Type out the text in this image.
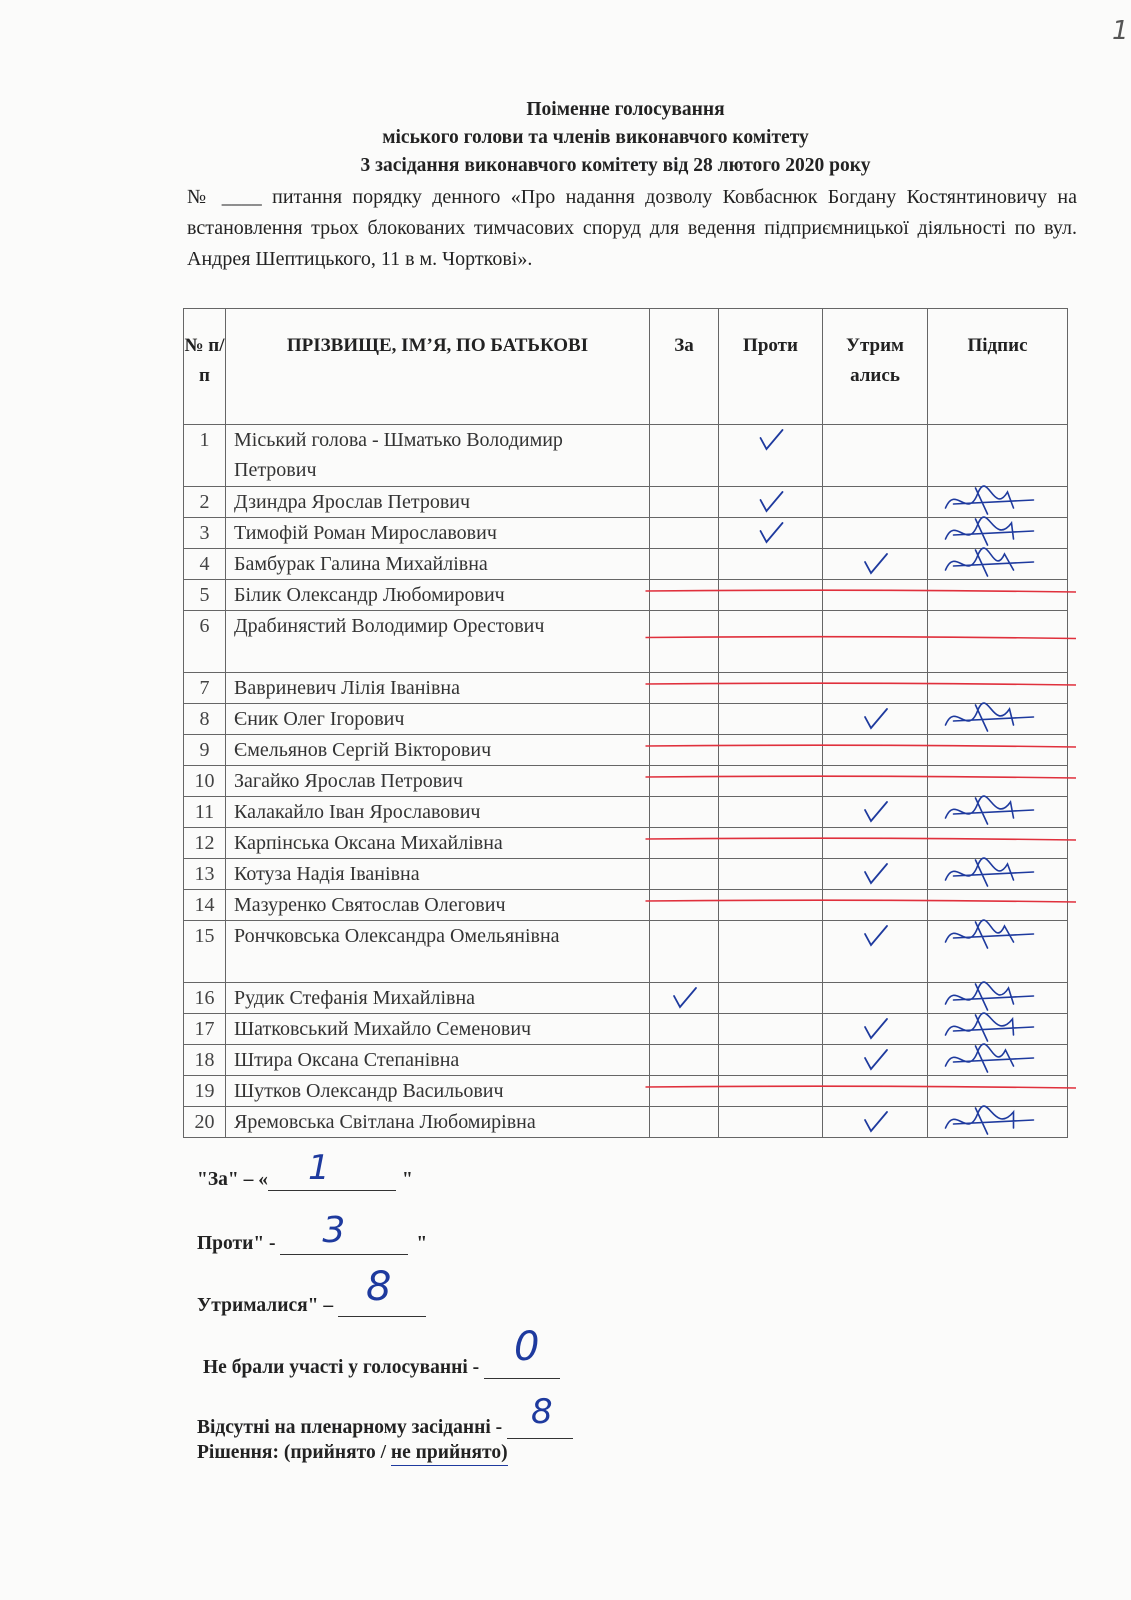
1
Поіменне голосування
міського голови та членів виконавчого комітету
3 засідання виконавчого комітету від 28 лютого 2020 року
№ ____ питання порядку денного «Про надання дозволу Ковбаснюк Богдану Костянтиновичу на встановлення трьох блокованих тимчасових споруд для ведення підприємницької діяльності по вул. Андрея Шептицького, 11 в м. Чорткові».
№ п/п	ПРІЗВИЩЕ, ІМ’Я, ПО БАТЬКОВІ	За	Проти	Утрим ались	Підпис
1	Міський голова - Шматько Володимир Петрович				
2	Дзиндра Ярослав Петрович				
3	Тимофій Роман Мирославович				
4	Бамбурак Галина Михайлівна				
5	Білик Олександр Любомирович				
6	Драбинястий Володимир Орестович				
7	Вавриневич Лілія Іванівна				
8	Єник Олег Ігорович				
9	Ємельянов Сергій Вікторович				
10	Загайко Ярослав Петрович				
11	Калакайло Іван Ярославович				
12	Карпінська Оксана Михайлівна				
13	Котуза Надія Іванівна				
14	Мазуренко Святослав Олегович				
15	Рончковська Олександра Омельянівна				
16	Рудик Стефанія Михайлівна				
17	Шатковський Михайло Семенович				
18	Штира Оксана Степанівна				
19	Шутков Олександр Васильович				
20	Яремовська Світлана Любомирівна				
"За" – « 1	"
Проти" - 3	"
Утрималися" – 8
Не брали участі у голосуванні - 0
Відсутні на пленарному засіданні - 8
Рішення: (прийнято / не прийнято)
